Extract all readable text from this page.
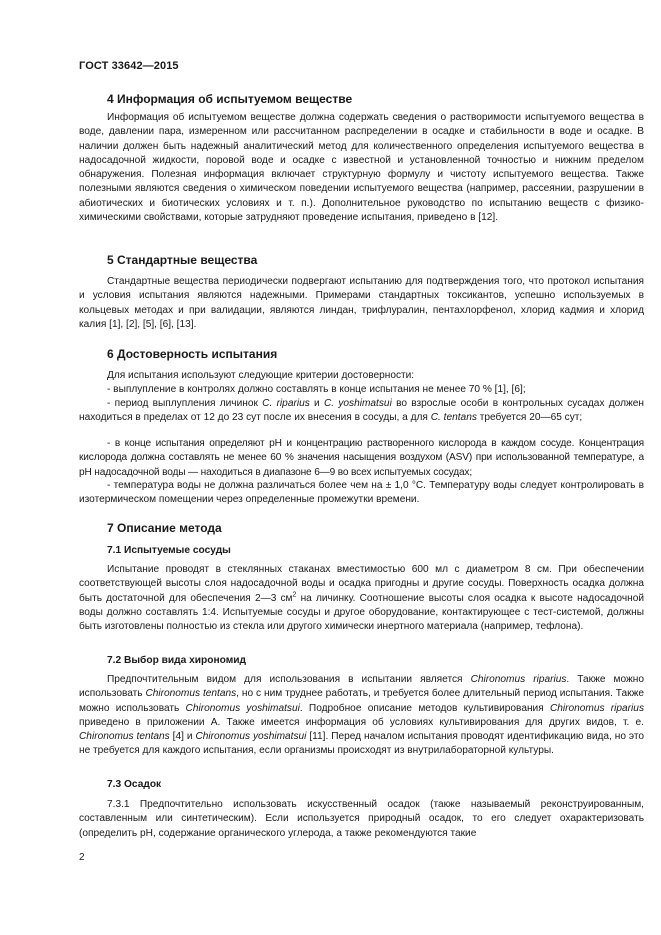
ГОСТ 33642—2015
4 Информация об испытуемом веществе
Информация об испытуемом веществе должна содержать сведения о растворимости испытуемого вещества в воде, давлении пара, измеренном или рассчитанном распределении в осадке и стабильности в воде и осадке. В наличии должен быть надежный аналитический метод для количественного определения испытуемого вещества в надосадочной жидкости, поровой воде и осадке с известной и установленной точностью и нижним пределом обнаружения. Полезная информация включает структурную формулу и чистоту испытуемого вещества. Также полезными являются сведения о химическом поведении испытуемого вещества (например, рассеянии, разрушении в абиотических и биотических условиях и т. п.). Дополнительное руководство по испытанию веществ с физико-химическими свойствами, которые затрудняют проведение испытания, приведено в [12].
5 Стандартные вещества
Стандартные вещества периодически подвергают испытанию для подтверждения того, что протокол испытания и условия испытания являются надежными. Примерами стандартных токсикантов, успешно используемых в кольцевых методах и при валидации, являются линдан, трифлуралин, пентахлорфенол, хлорид кадмия и хлорид калия [1], [2], [5], [6], [13].
6 Достоверность испытания
Для испытания используют следующие критерии достоверности:
- выплупление в контролях должно составлять в конце испытания не менее 70 % [1], [6];
- период выплупления личинок C. riparius и C. yoshimatsui во взрослые особи в контрольных сусадах должен находиться в пределах от 12 до 23 сут после их внесения в сосуды, а для C. tentans требуется 20—65 сут;
- в конце испытания определяют рН и концентрацию растворенного кислорода в каждом сосуде. Концентрация кислорода должна составлять не менее 60 % значения насыщения воздухом (ASV) при использованной температуре, а рН надосадочной воды — находиться в диапазоне 6—9 во всех испытуемых сосудах;
- температура воды не должна различаться более чем на ± 1,0 °С. Температуру воды следует контролировать в изотермическом помещении через определенные промежутки времени.
7 Описание метода
7.1 Испытуемые сосуды
Испытание проводят в стеклянных стаканах вместимостью 600 мл с диаметром 8 см. При обеспечении соответствующей высоты слоя надосадочной воды и осадка пригодны и другие сосуды. Поверхность осадка должна быть достаточной для обеспечения 2—3 $см^2$ на личинку. Соотношение высоты слоя осадка к высоте надосадочной воды должно составлять 1:4. Испытуемые сосуды и другое оборудование, контактирующее с тест-системой, должны быть изготовлены полностью из стекла или другого химически инертного материала (например, тефлона).
7.2 Выбор вида хирономид
Предпочтительным видом для использования в испытании является Chironomus riparius. Также можно использовать Chironomus tentans, но с ним труднее работать, и требуется более длительный период испытания. Также можно использовать Chironomus yoshimatsui. Подробное описание методов культивирования Chironomus riparius приведено в приложении А. Также имеется информация об условиях культивирования для других видов, т. е. Chironomus tentans [4] и Chironomus yoshimatsui [11]. Перед началом испытания проводят идентификацию вида, но это не требуется для каждого испытания, если организмы происходят из внутрилабораторной культуры.
7.3 Осадок
7.3.1 Предпочтительно использовать искусственный осадок (также называемый реконструированным, составленным или синтетическим). Если используется природный осадок, то его следует охарактеризовать (определить рН, содержание органического углерода, а также рекомендуются такие
2
